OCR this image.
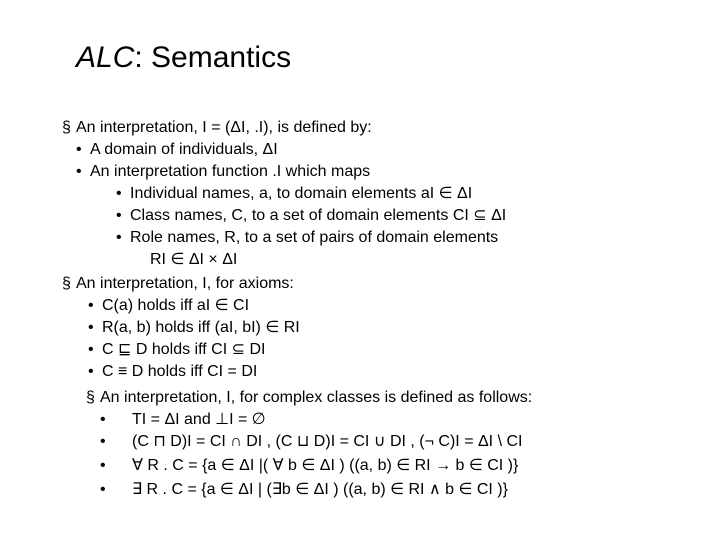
ALC: Semantics
§ An interpretation, I = (ΔI, .I), is defined by:
• A domain of individuals, ΔI
• An interpretation function .I which maps
• Individual names, a, to domain elements aI ∈ ΔI
• Class names, C, to a set of domain elements CI ⊆ ΔI
• Role names, R, to a set of pairs of domain elements
RI ∈ ΔI × ΔI
§ An interpretation, I, for axioms:
• C(a) holds iff aI ∈ CI
• R(a, b) holds iff (aI, bI) ∈ RI
• C ⊑ D holds iff CI ⊆ DI
• C ≡ D holds iff CI = DI
§ An interpretation, I, for complex classes is defined as follows:
• TI = ΔI and ⊥I = ∅
• (C ⊓ D)I = CI ∩ DI , (C ⊔ D)I = CI ∪ DI , (¬ C)I = ΔI \ CI
• ∀ R . C = {a ∈ ΔI |( ∀ b ∈ ΔI ) ((a, b) ∈ RI → b ∈ CI )}
• ∃ R . C = {a ∈ ΔI | (∃b ∈ ΔI ) ((a, b) ∈ RI ∧ b ∈ CI )}
